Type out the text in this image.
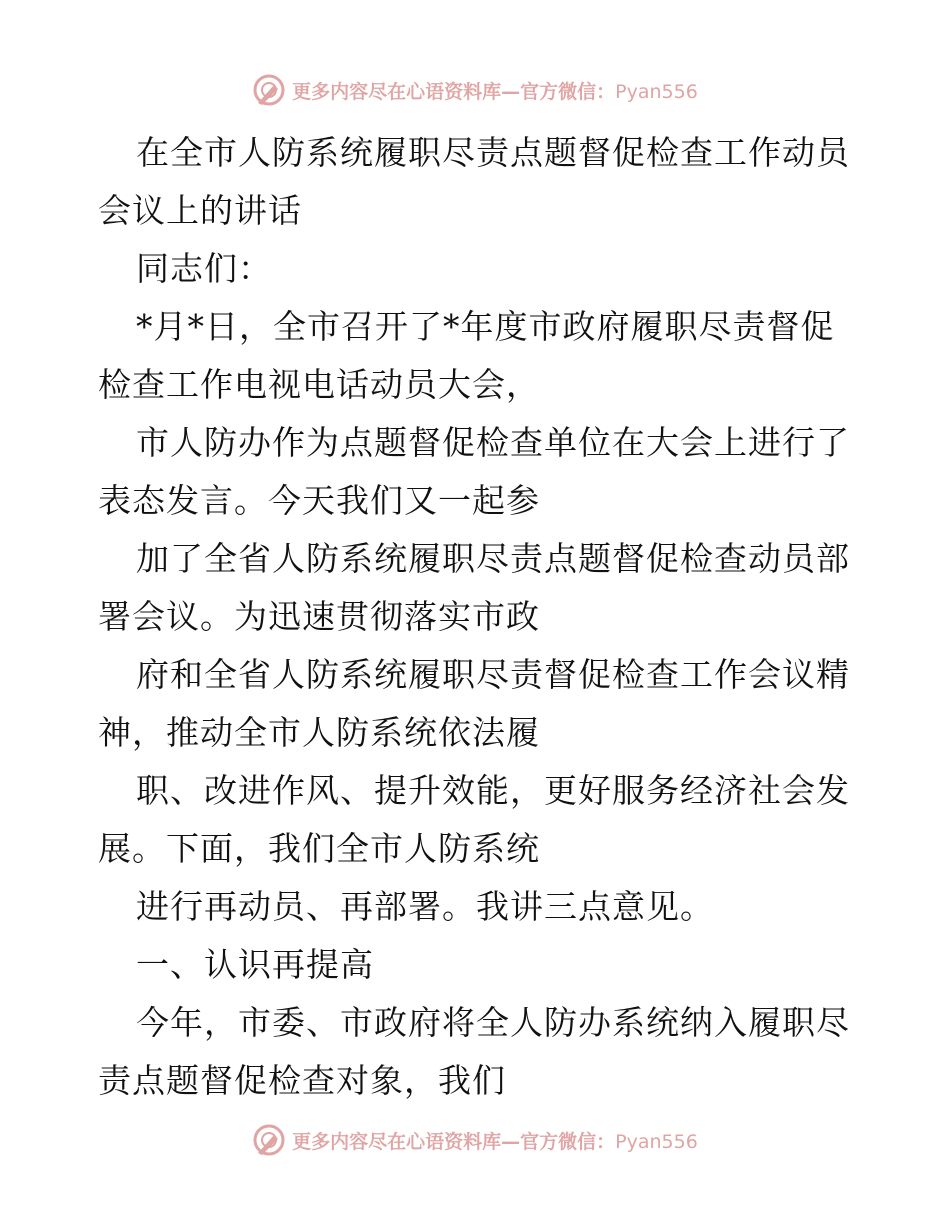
更多内容尽在心语资料库—官方微信：Pyan556

在全市人防系统履职尽责点题督促检查工作动员会议上的讲话

同志们：

*月*日，全市召开了*年度市政府履职尽责督促检查工作电视电话动员大会，

市人防办作为点题督促检查单位在大会上进行了表态发言。今天我们又一起参

加了全省人防系统履职尽责点题督促检查动员部署会议。为迅速贯彻落实市政

府和全省人防系统履职尽责督促检查工作会议精神，推动全市人防系统依法履

职、改进作风、提升效能，更好服务经济社会发展。下面，我们全市人防系统

进行再动员、再部署。我讲三点意见。

一、认识再提高

今年，市委、市政府将全人防办系统纳入履职尽责点题督促检查对象，我们

更多内容尽在心语资料库—官方微信：Pyan556
